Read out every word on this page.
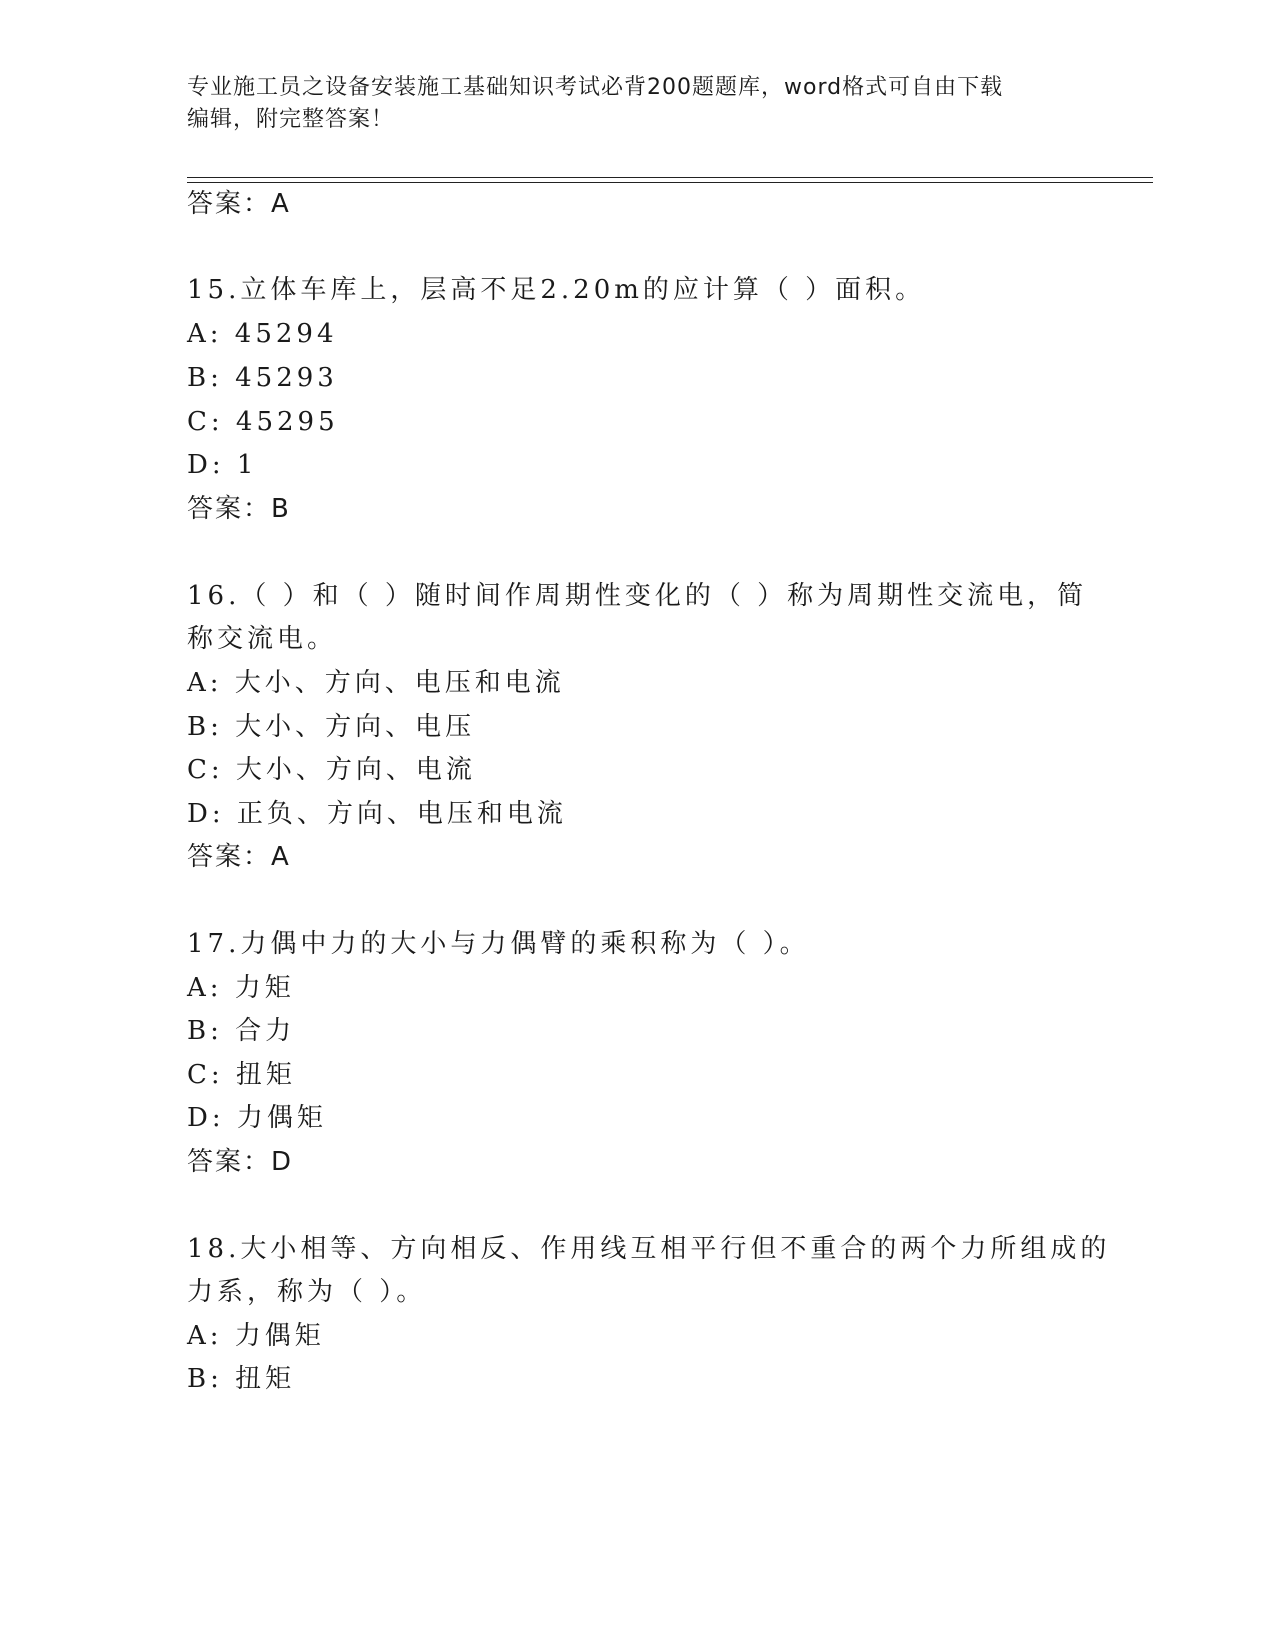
专业施工员之设备安装施工基础知识考试必背200题题库，word格式可自由下载
编辑，附完整答案！
答案：A
15.立体车库上，层高不足2.20m的应计算（ ）面积。
A: 45294
B: 45293
C: 45295
D: 1
答案：B
16.（ ）和（ ）随时间作周期性变化的（ ）称为周期性交流电，简
称交流电。
A: 大小、方向、电压和电流
B: 大小、方向、电压
C: 大小、方向、电流
D: 正负、方向、电压和电流
答案：A
17.力偶中力的大小与力偶臂的乘积称为（ ）。
A: 力矩
B: 合力
C: 扭矩
D: 力偶矩
答案：D
18.大小相等、方向相反、作用线互相平行但不重合的两个力所组成的
力系，称为（ ）。
A: 力偶矩
B: 扭矩
